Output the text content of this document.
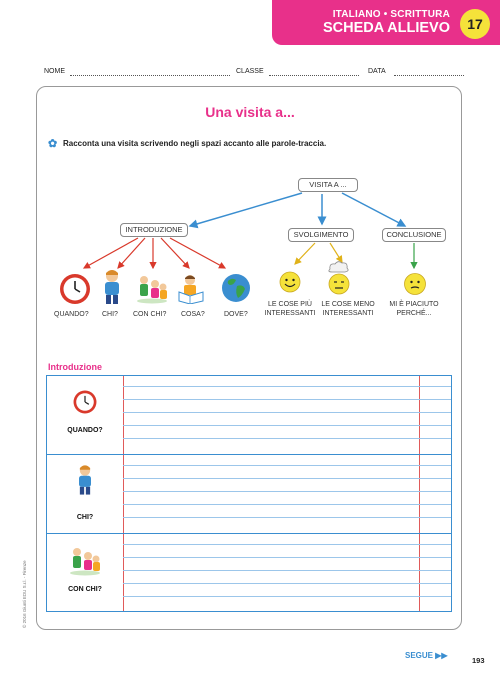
ITALIANO • SCRITTURA
SCHEDA ALLIEVO	17
NOME	CLASSE	DATA
Una visita a...
✿ Racconta una visita scrivendo negli spazi accanto alle parole-traccia.
VISITA A ...
INTRODUZIONE
SVOLGIMENTO	CONCLUSIONE
QUANDO? CHI? CON CHI? COSA?	DOVE?
LE COSE PIÙ INTERESSANTI
LE COSE MENO INTERESSANTI
MI È PIACIUTO PERCHÉ...
Introduzione
QUANDO?
CHI?
CON CHI?
© 2016 Giunti EDU S.r.l. - Firenze
SEGUE ▶▶
193
